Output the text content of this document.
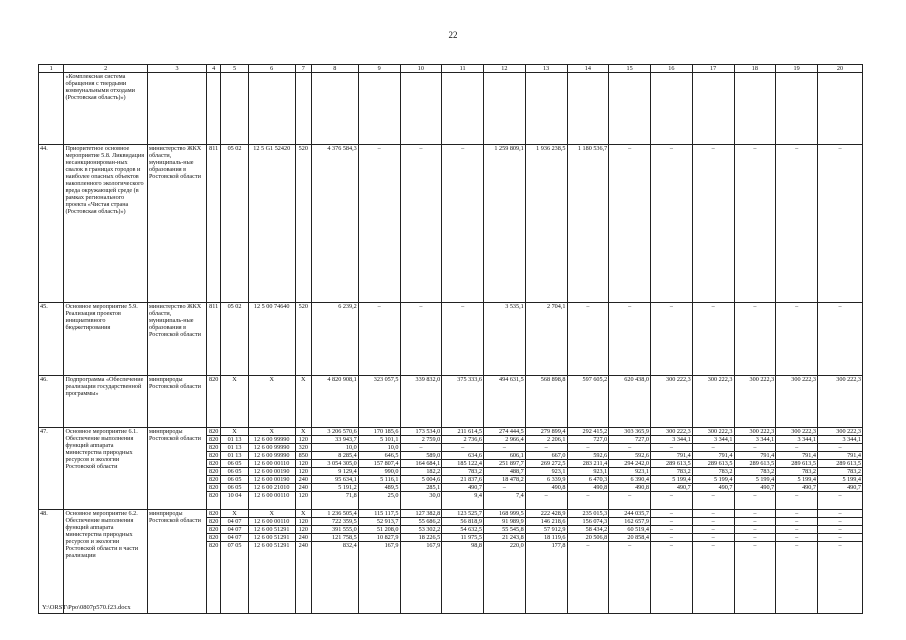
22
1	2	3	4	5	6	7	8	9	10	11	12	13	14	15	16	17	18	19	20
	«Комплексная система обращения с твердыми коммунальными отходами (Ростовская область)»)																		
44.	Приоритетное основное мероприятие 5.8. Ликвидация несанкционирован-ных свалок в границах городов и наиболее опасных объектов накопленного экологического вреда окружающей среде (в рамках регионального проекта «Чистая страна (Ростовская область)»)	министерство ЖКХ области, муниципаль-ные образования в Ростовской области	811	05 02	12 5 G1 52420	520	4 376 584,3	–	–	–	1 259 809,1	1 936 238,5	1 180 536,7	–	–	–	–	–	–
45.	Основное мероприятие 5.9. Реализация проектов инициативного бюджетирования	министерство ЖКХ области, муниципаль-ные образования в Ростовской области	811	05 02	12 5 00 74640	520	6 239,2	–	–	–	3 535,1	2 704,1	–	–	–	–	–	–	–
46.	Подпрограмма «Обеспечение реализации государственной программы»	минприроды Ростовской области	820	X	X	X	4 820 908,1	323 057,5	339 832,0	375 333,6	494 631,5	568 898,8	597 605,2	620 438,0	300 222,3	300 222,3	300 222,3	300 222,3	300 222,3
47.	Основное мероприятие 6.1. Обеспечение выполнения функций аппарата министерства природных ресурсов и экологии Ростовской области	минприроды Ростовской области	820	X	X	X	3 206 570,6	170 185,6	173 534,0	211 614,5	274 444,5	279 899,4	292 415,2	303 365,9	300 222,3	300 222,3	300 222,3	300 222,3	300 222,3
			820	01 13	12 6 00 99990	120	33 943,7	5 101,1	2 759,0	2 736,6	2 966,4	2 206,1	727,0	727,0	3 344,1	3 344,1	3 344,1	3 344,1	3 344,1
			820	01 13	12 6 00 99990	320	10,0	10,0	–	–	–	–	–	–	–	–	–	–	–
			820	01 13	12 6 00 99990	850	8 285,4	646,5	589,0	634,6	606,1	667,0	592,6	592,6	791,4	791,4	791,4	791,4	791,4
			820	06 05	12 6 00 00110	120	3 054 305,0	157 807,4	164 684,1	185 122,4	251 897,7	269 272,5	283 211,4	294 242,0	289 613,5	289 613,5	289 613,5	289 613,5	289 613,5
			820	06 05	12 6 00 00190	120	9 129,4	990,0	182,2	783,2	488,7	923,1	923,1	923,1	783,2	783,2	783,2	783,2	783,2
			820	06 05	12 6 00 00190	240	95 634,1	5 116,1	5 004,6	21 837,6	18 478,2	6 339,9	6 470,3	6 390,4	5 199,4	5 199,4	5 199,4	5 199,4	5 199,4
			820	06 05	12 6 00 21010	240	5 191,2	489,5	285,1	490,7	–	490,8	490,8	490,8	490,7	490,7	490,7	490,7	490,7
			820	10 04	12 6 00 00110	120	71,8	25,0	30,0	9,4	7,4	–	–	–	–	–	–	–	–
48.	Основное мероприятие 6.2. Обеспечение выполнения функций аппарата министерства природных ресурсов и экологии Ростовской области в части реализации	минприроды Ростовской области	820	X	X	X	1 236 505,4	115 117,5	127 382,8	123 525,7	168 999,5	222 428,9	235 015,3	244 035,7	–	–	–	–	–
			820	04 07	12 6 00 00110	120	722 359,5	52 913,7	55 686,2	56 818,9	91 989,9	146 218,6	156 074,3	162 657,9	–	–	–	–	–
			820	04 07	12 6 00 51291	120	391 555,0	51 208,0	53 302,2	54 632,5	55 545,8	57 912,9	58 434,2	60 519,4	–	–	–	–	–
			820	04 07	12 6 00 51291	240	121 758,5	10 827,9	18 226,5	11 975,5	21 243,8	18 119,6	20 506,8	20 858,4	–	–	–	–	–
			820	07 05	12 6 00 51291	240	832,4	167,9	167,9	98,8	220,0	177,8	–	–	–	–	–	–	–
Y:\ORST\Ppo\0807p570.f23.docx
